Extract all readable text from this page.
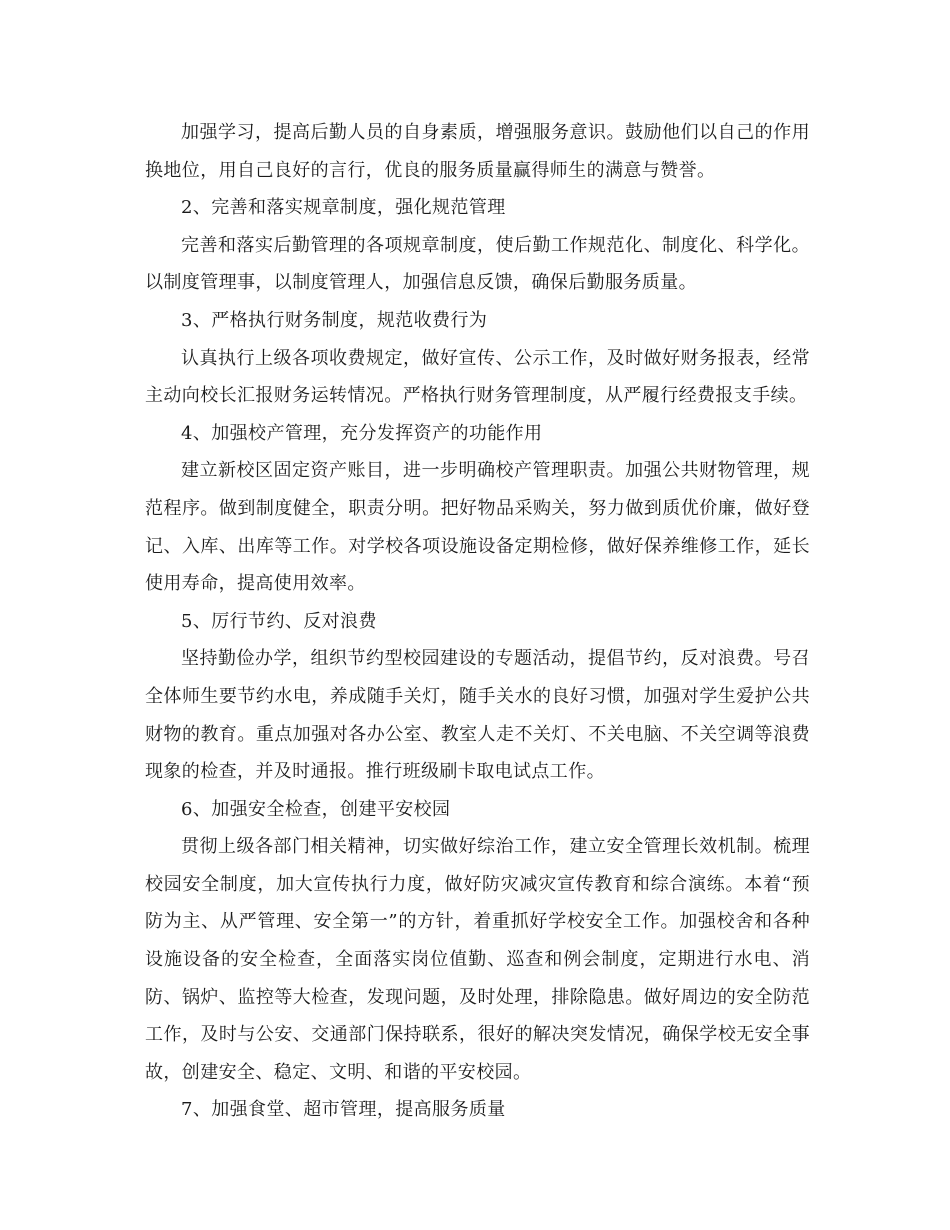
加强学习，提高后勤人员的自身素质，增强服务意识。鼓励他们以自己的作用换地位，用自己良好的言行，优良的服务质量赢得师生的满意与赞誉。

2、完善和落实规章制度，强化规范管理

完善和落实后勤管理的各项规章制度，使后勤工作规范化、制度化、科学化。以制度管理事，以制度管理人，加强信息反馈，确保后勤服务质量。

3、严格执行财务制度，规范收费行为

认真执行上级各项收费规定，做好宣传、公示工作，及时做好财务报表，经常主动向校长汇报财务运转情况。严格执行财务管理制度，从严履行经费报支手续。

4、加强校产管理，充分发挥资产的功能作用

建立新校区固定资产账目，进一步明确校产管理职责。加强公共财物管理，规范程序。做到制度健全，职责分明。把好物品采购关，努力做到质优价廉，做好登记、入库、出库等工作。对学校各项设施设备定期检修，做好保养维修工作，延长使用寿命，提高使用效率。

5、厉行节约、反对浪费

坚持勤俭办学，组织节约型校园建设的专题活动，提倡节约，反对浪费。号召全体师生要节约水电，养成随手关灯，随手关水的良好习惯，加强对学生爱护公共财物的教育。重点加强对各办公室、教室人走不关灯、不关电脑、不关空调等浪费现象的检查，并及时通报。推行班级刷卡取电试点工作。

6、加强安全检查，创建平安校园

贯彻上级各部门相关精神，切实做好综治工作，建立安全管理长效机制。梳理校园安全制度，加大宣传执行力度，做好防灾减灾宣传教育和综合演练。本着“预防为主、从严管理、安全第一”的方针，着重抓好学校安全工作。加强校舍和各种设施设备的安全检查，全面落实岗位值勤、巡查和例会制度，定期进行水电、消防、锅炉、监控等大检查，发现问题，及时处理，排除隐患。做好周边的安全防范工作，及时与公安、交通部门保持联系，很好的解决突发情况，确保学校无安全事故，创建安全、稳定、文明、和谐的平安校园。

7、加强食堂、超市管理，提高服务质量
